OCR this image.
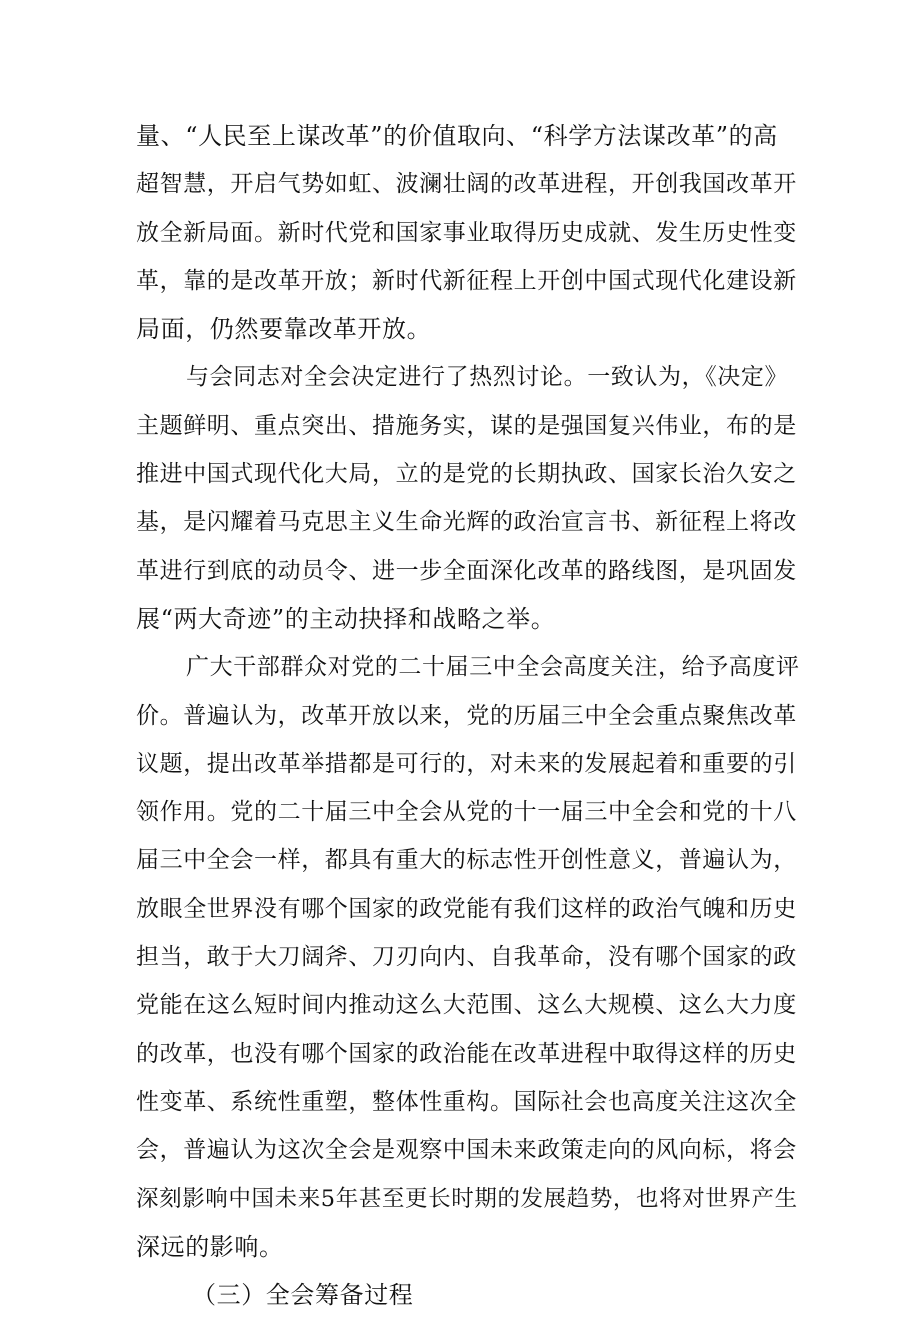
量、“人民至上谋改革”的价值取向、“科学方法谋改革”的高
超智慧，开启气势如虹、波澜壮阔的改革进程，开创我国改革开
放全新局面。新时代党和国家事业取得历史成就、发生历史性变
革，靠的是改革开放；新时代新征程上开创中国式现代化建设新
局面，仍然要靠改革开放。
与会同志对全会决定进行了热烈讨论。一致认为，《决定》
主题鲜明、重点突出、措施务实，谋的是强国复兴伟业，布的是
推进中国式现代化大局，立的是党的长期执政、国家长治久安之
基，是闪耀着马克思主义生命光辉的政治宣言书、新征程上将改
革进行到底的动员令、进一步全面深化改革的路线图，是巩固发
展“两大奇迹”的主动抉择和战略之举。
广大干部群众对党的二十届三中全会高度关注，给予高度评
价。普遍认为，改革开放以来，党的历届三中全会重点聚焦改革
议题，提出改革举措都是可行的，对未来的发展起着和重要的引
领作用。党的二十届三中全会从党的十一届三中全会和党的十八
届三中全会一样，都具有重大的标志性开创性意义，普遍认为，
放眼全世界没有哪个国家的政党能有我们这样的政治气魄和历史
担当，敢于大刀阔斧、刀刃向内、自我革命，没有哪个国家的政
党能在这么短时间内推动这么大范围、这么大规模、这么大力度
的改革，也没有哪个国家的政治能在改革进程中取得这样的历史
性变革、系统性重塑，整体性重构。国际社会也高度关注这次全
会，普遍认为这次全会是观察中国未来政策走向的风向标，将会
深刻影响中国未来5年甚至更长时期的发展趋势，也将对世界产生
深远的影响。
（三）全会筹备过程
